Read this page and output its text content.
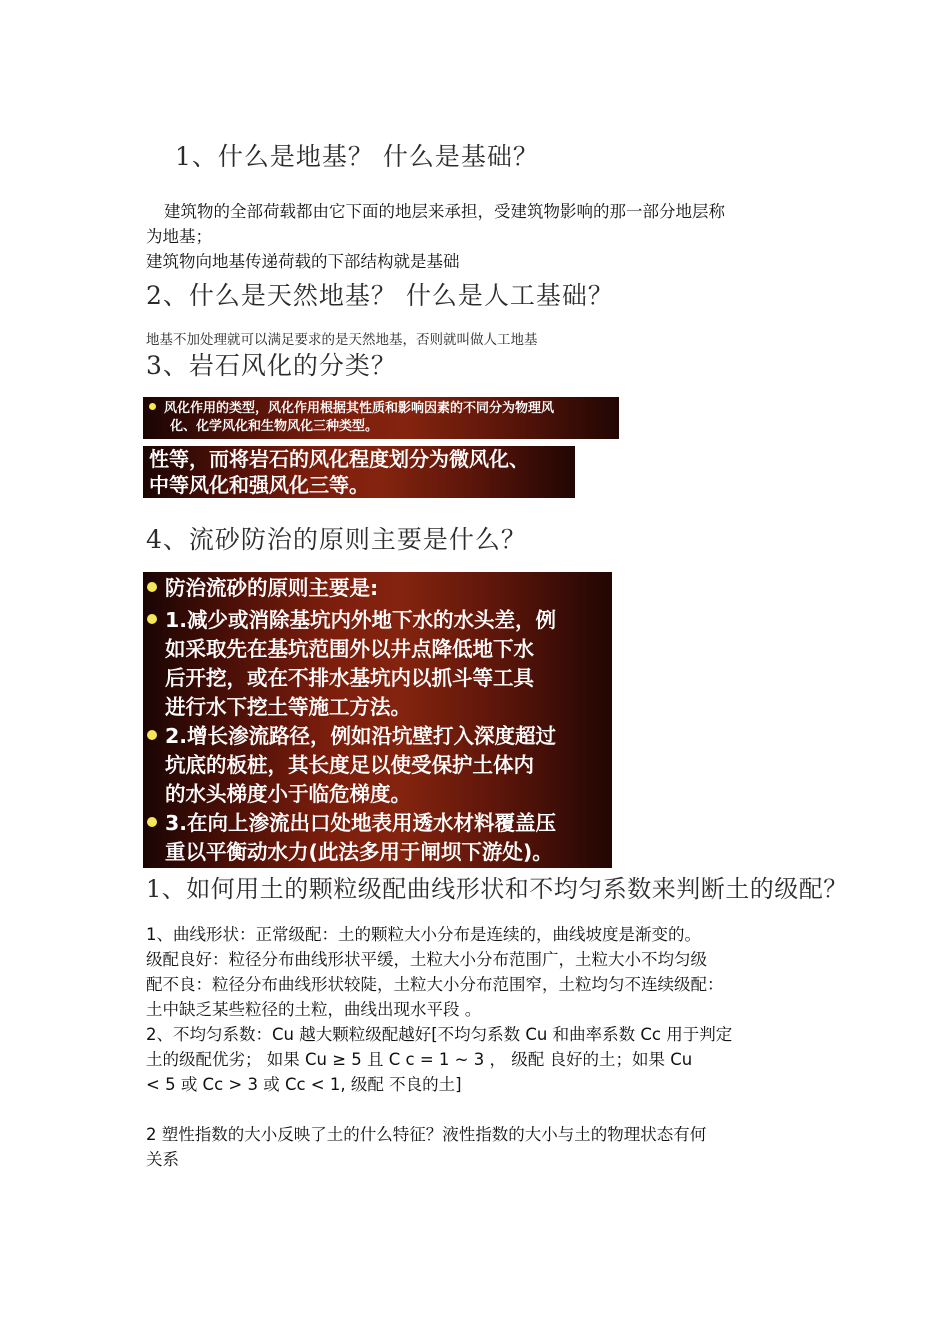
1、什么是地基？ 什么是基础？
建筑物的全部荷载都由它下面的地层来承担，受建筑物影响的那一部分地层称
为地基；
建筑物向地基传递荷载的下部结构就是基础
2、什么是天然地基？ 什么是人工基础？
地基不加处理就可以满足要求的是天然地基，否则就叫做人工地基
3、岩石风化的分类？
风化作用的类型，风化作用根据其性质和影响因素的不同分为物理风
化、化学风化和生物风化三种类型。
性等，而将岩石的风化程度划分为微风化、
中等风化和强风化三等。
4、流砂防治的原则主要是什么？
防治流砂的原则主要是:
1.减少或消除基坑内外地下水的水头差，例
如采取先在基坑范围外以井点降低地下水
后开挖，或在不排水基坑内以抓斗等工具
进行水下挖土等施工方法。
2.增长渗流路径，例如沿坑壁打入深度超过
坑底的板桩，其长度足以使受保护土体内
的水头梯度小于临危梯度。
3.在向上渗流出口处地表用透水材料覆盖压
重以平衡动水力(此法多用于闸坝下游处)。
1、如何用土的颗粒级配曲线形状和不均匀系数来判断土的级配？
1、曲线形状：正常级配：土的颗粒大小分布是连续的，曲线坡度是渐变的。
级配良好：粒径分布曲线形状平缓，土粒大小分布范围广，土粒大小不均匀级
配不良：粒径分布曲线形状较陡，土粒大小分布范围窄，土粒均匀不连续级配：
土中缺乏某些粒径的土粒，曲线出现水平段 。
2、不均匀系数：Cu 越大颗粒级配越好[不均匀系数 Cu 和曲率系数 Cc 用于判定
土的级配优劣； 如果 Cu ≥ 5 且 C c = 1 ~ 3 ， 级配 良好的土；如果 Cu
< 5 或 Cc > 3 或 Cc < 1, 级配 不良的土]
2 塑性指数的大小反映了土的什么特征？液性指数的大小与土的物理状态有何
关系
